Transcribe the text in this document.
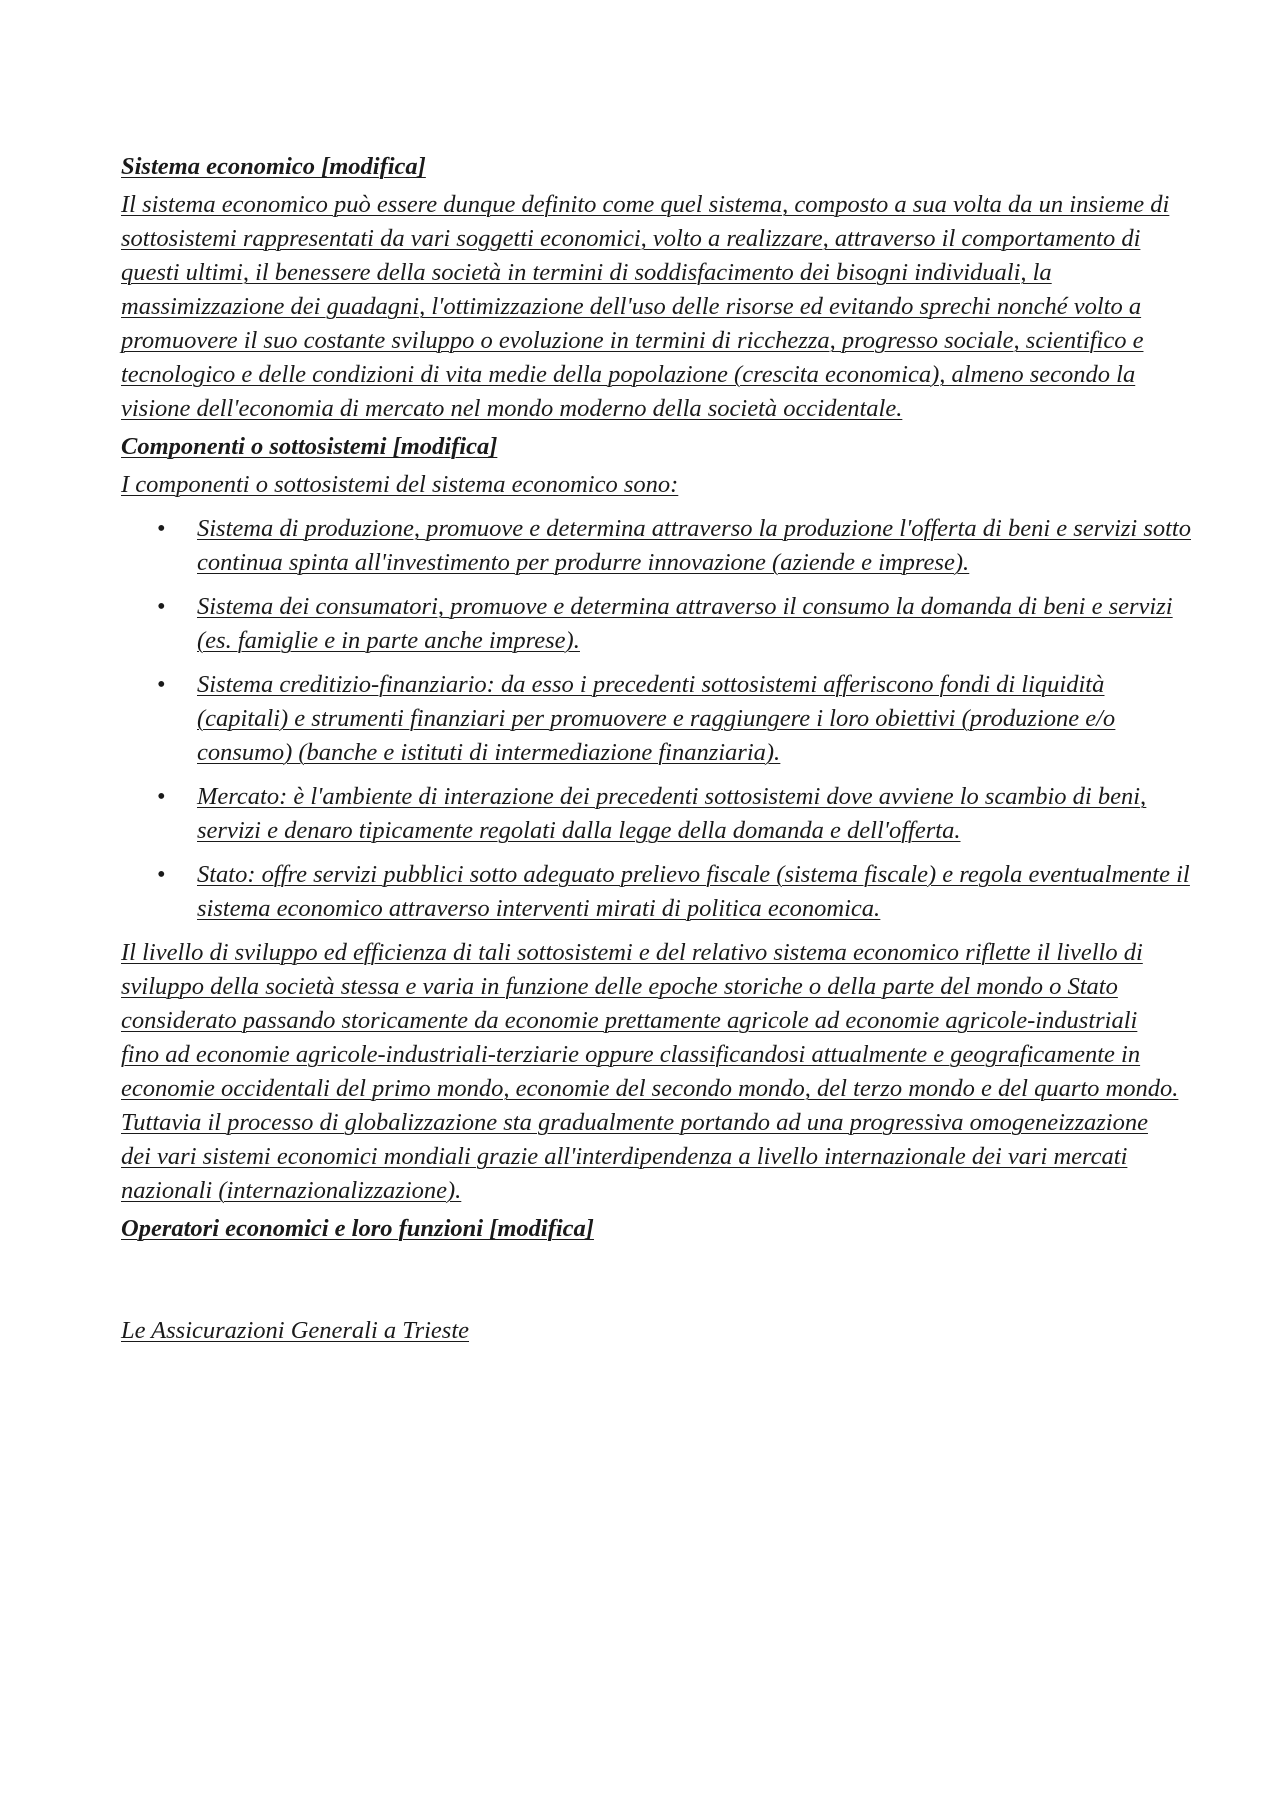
Sistema economico [modifica]

Il sistema economico può essere dunque definito come quel sistema, composto a sua volta da un insieme di sottosistemi rappresentati da vari soggetti economici, volto a realizzare, attraverso il comportamento di questi ultimi, il benessere della società in termini di soddisfacimento dei bisogni individuali, la massimizzazione dei guadagni, l'ottimizzazione dell'uso delle risorse ed evitando sprechi nonché volto a promuovere il suo costante sviluppo o evoluzione in termini di ricchezza, progresso sociale, scientifico e tecnologico e delle condizioni di vita medie della popolazione (crescita economica), almeno secondo la visione dell'economia di mercato nel mondo moderno della società occidentale.

Componenti o sottosistemi [modifica]

I componenti o sottosistemi del sistema economico sono:

• Sistema di produzione, promuove e determina attraverso la produzione l'offerta di beni e servizi sotto continua spinta all'investimento per produrre innovazione (aziende e imprese).
• Sistema dei consumatori, promuove e determina attraverso il consumo la domanda di beni e servizi (es. famiglie e in parte anche imprese).
• Sistema creditizio-finanziario: da esso i precedenti sottosistemi afferiscono fondi di liquidità (capitali) e strumenti finanziari per promuovere e raggiungere i loro obiettivi (produzione e/o consumo) (banche e istituti di intermediazione finanziaria).
• Mercato: è l'ambiente di interazione dei precedenti sottosistemi dove avviene lo scambio di beni, servizi e denaro tipicamente regolati dalla legge della domanda e dell'offerta.
• Stato: offre servizi pubblici sotto adeguato prelievo fiscale (sistema fiscale) e regola eventualmente il sistema economico attraverso interventi mirati di politica economica.

Il livello di sviluppo ed efficienza di tali sottosistemi e del relativo sistema economico riflette il livello di sviluppo della società stessa e varia in funzione delle epoche storiche o della parte del mondo o Stato considerato passando storicamente da economie prettamente agricole ad economie agricole-industriali fino ad economie agricole-industriali-terziarie oppure classificandosi attualmente e geograficamente in economie occidentali del primo mondo, economie del secondo mondo, del terzo mondo e del quarto mondo. Tuttavia il processo di globalizzazione sta gradualmente portando ad una progressiva omogeneizzazione dei vari sistemi economici mondiali grazie all'interdipendenza a livello internazionale dei vari mercati nazionali (internazionalizzazione).

Operatori economici e loro funzioni [modifica]

Le Assicurazioni Generali a Trieste
